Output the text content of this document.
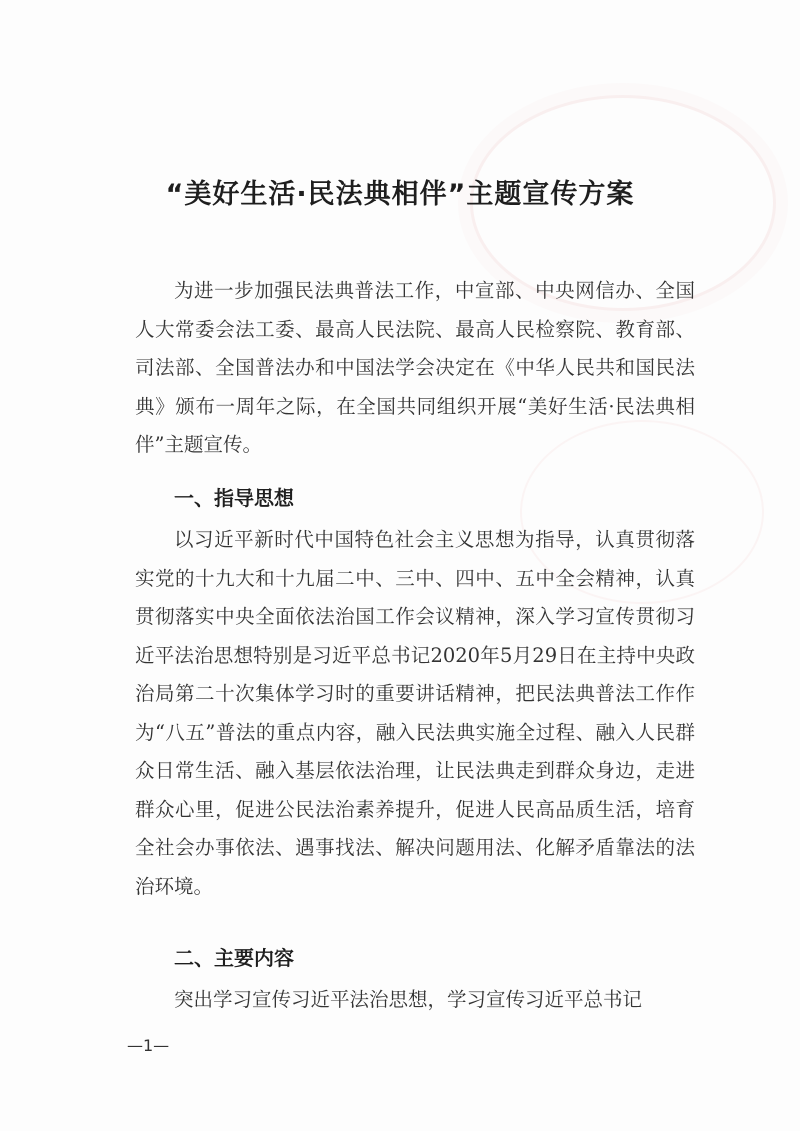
“美好生活·民法典相伴”主题宣传方案
为进一步加强民法典普法工作，中宣部、中央网信办、全国人大常委会法工委、最高人民法院、最高人民检察院、教育部、司法部、全国普法办和中国法学会决定在《中华人民共和国民法典》颁布一周年之际，在全国共同组织开展“美好生活·民法典相伴”主题宣传。
一、指导思想
以习近平新时代中国特色社会主义思想为指导，认真贯彻落实党的十九大和十九届二中、三中、四中、五中全会精神，认真贯彻落实中央全面依法治国工作会议精神，深入学习宣传贯彻习近平法治思想特别是习近平总书记2020年5月29日在主持中央政治局第二十次集体学习时的重要讲话精神，把民法典普法工作作为“八五”普法的重点内容，融入民法典实施全过程、融入人民群众日常生活、融入基层依法治理，让民法典走到群众身边，走进群众心里，促进公民法治素养提升，促进人民高品质生活，培育全社会办事依法、遇事找法、解决问题用法、化解矛盾靠法的法治环境。
二、主要内容
突出学习宣传习近平法治思想，学习宣传习近平总书记
—1—
